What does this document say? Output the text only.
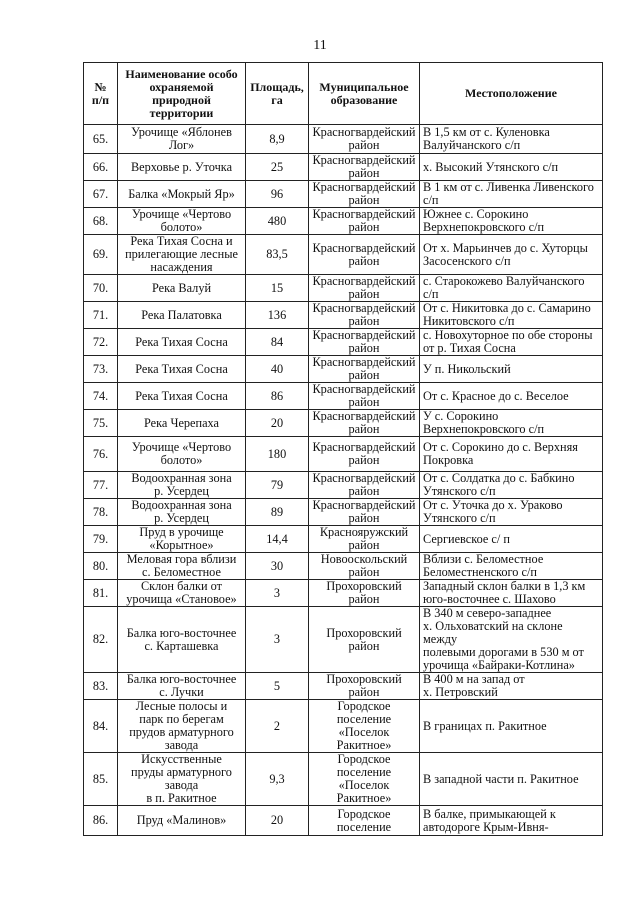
11
№
п/п	Наименование особо
охраняемой
природной
территории	Площадь,
га	Муниципальное
образование	Местоположение
65.	Урочище «Яблонев
Лог»	8,9	Красногвардейский
район	В 1,5 км от с. Куленовка
Валуйчанского с/п
66.	Верховье р. Уточка	25	Красногвардейский
район	х. Высокий Утянского с/п
67.	Балка «Мокрый Яр»	96	Красногвардейский
район	В 1 км от с. Ливенка Ливенского
с/п
68.	Урочище «Чертово
болото»	480	Красногвардейский
район	Южнее с. Сорокино
Верхнепокровского с/п
69.	Река Тихая Сосна и
прилегающие лесные
насаждения	83,5	Красногвардейский
район	От х. Марьинчев до с. Хуторцы
Засосенского с/п
70.	Река Валуй	15	Красногвардейский
район	с. Старокожево Валуйчанского
с/п
71.	Река Палатовка	136	Красногвардейский
район	От с. Никитовка до с. Самарино
Никитовского с/п
72.	Река Тихая Сосна	84	Красногвардейский
район	с. Новохуторное по обе стороны
от р. Тихая Сосна
73.	Река Тихая Сосна	40	Красногвардейский
район	У п. Никольский
74.	Река Тихая Сосна	86	Красногвардейский
район	От с. Красное до с. Веселое
75.	Река Черепаха	20	Красногвардейский
район	У с. Сорокино
Верхнепокровского с/п
76.	Урочище «Чертово
болото»	180	Красногвардейский
район	От с. Сорокино до с. Верхняя
Покровка
77.	Водоохранная зона
р. Усердец	79	Красногвардейский
район	От с. Солдатка до с. Бабкино
Утянского с/п
78.	Водоохранная зона
р. Усердец	89	Красногвардейский
район	От с. Уточка до х. Ураково
Утянского с/п
79.	Пруд в урочище
«Корытное»	14,4	Краснояружский
район	Сергиевское с/ п
80.	Меловая гора вблизи
с. Беломестное	30	Новооскольский
район	Вблизи с. Беломестное
Беломестненского с/п
81.	Склон балки от
урочища «Становое»	3	Прохоровский
район	Западный склон балки в 1,3 км
юго-восточнее с. Шахово
82.	Балка юго-восточнее
с. Карташевка	3	Прохоровский
район	В 340 м северо-западнее
х. Ольховатский на склоне между
полевыми дорогами в 530 м от
урочища «Байраки-Котлина»
83.	Балка юго-восточнее
с. Лучки	5	Прохоровский
район	В 400 м на запад от
х. Петровский
84.	Лесные полосы и
парк по берегам
прудов арматурного
завода	2	Городское
поселение
«Поселок
Ракитное»	В границах п. Ракитное
85.	Искусственные
пруды арматурного
завода
в п. Ракитное	9,3	Городское
поселение
«Поселок
Ракитное»	В западной части п. Ракитное
86.	Пруд «Малинов»	20	Городское
поселение	В балке, примыкающей к
автодороге Крым-Ивня-
